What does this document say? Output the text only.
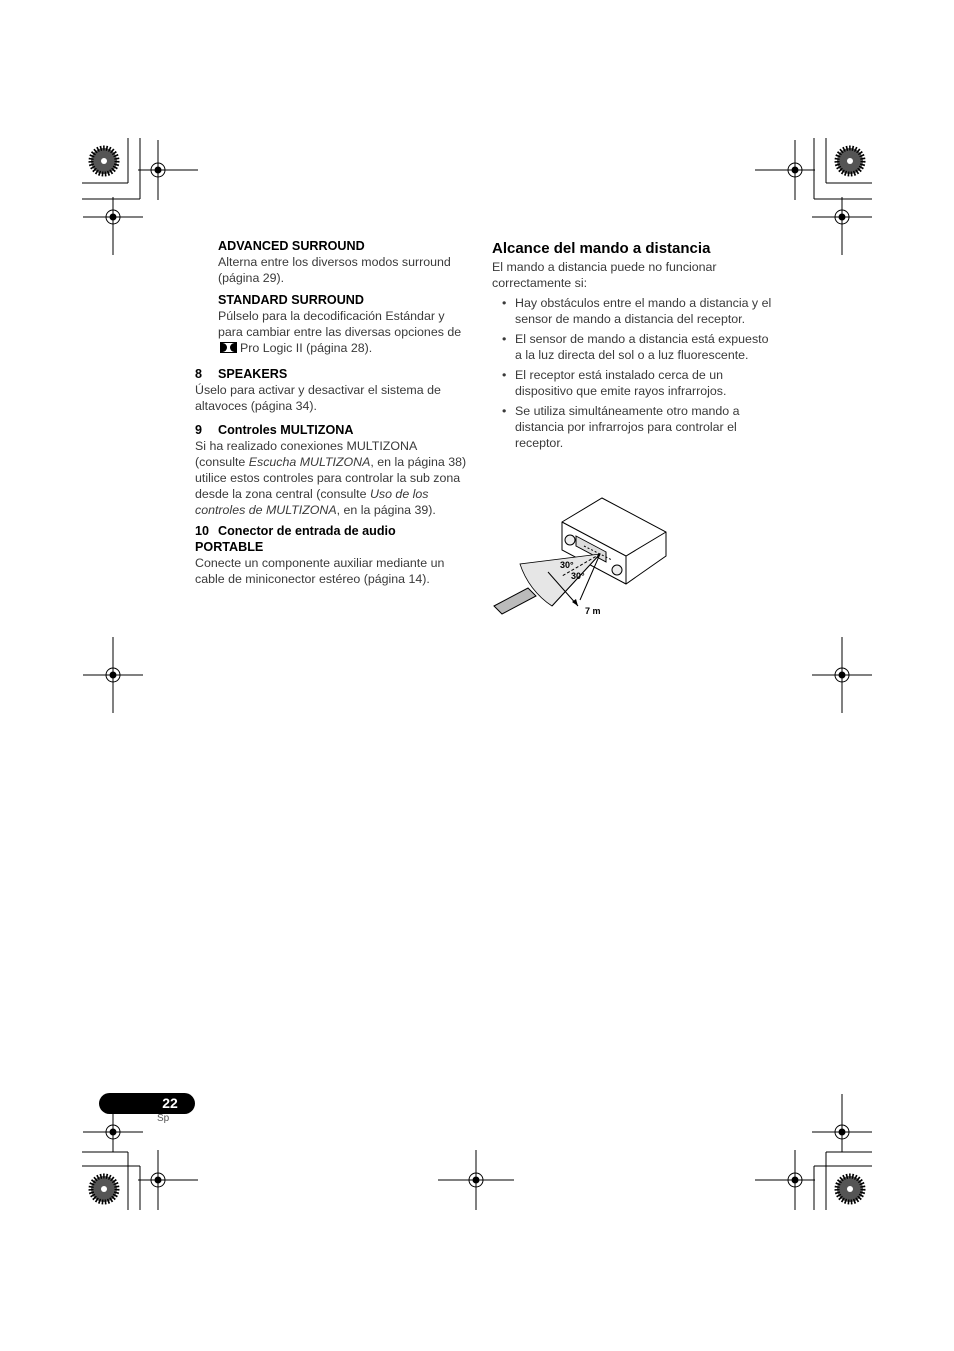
ADVANCED SURROUND
Alterna entre los diversos modos surround (página 29).
STANDARD SURROUND
Púlselo para la decodificación Estándar y para cambiar entre las diversas opciones dePro Logic II (página 28).
8	SPEAKERS
Úselo para activar y desactivar el sistema de altavoces (página 34).
9	Controles MULTIZONA
Si ha realizado conexiones MULTIZONA (consulte Escucha MULTIZONA, en la página 38) utilice estos controles para controlar la sub zona desde la zona central (consulte Uso de los controles de MULTIZONA, en la página 39).
10 Conector de entrada de audio
PORTABLE
Conecte un componente auxiliar mediante un cable de miniconector estéreo (página 14).
Alcance del mando a distancia
El mando a distancia puede no funcionar correctamente si:
• Hay obstáculos entre el mando a distancia y el sensor de mando a distancia del receptor.
• El sensor de mando a distancia está expuesto a la luz directa del sol o a luz fluorescente.
• El receptor está instalado cerca de un dispositivo que emite rayos infrarrojos.
• Se utiliza simultáneamente otro mando a distancia por infrarrojos para controlar el receptor.
30°
30°
7 m
22
Sp
